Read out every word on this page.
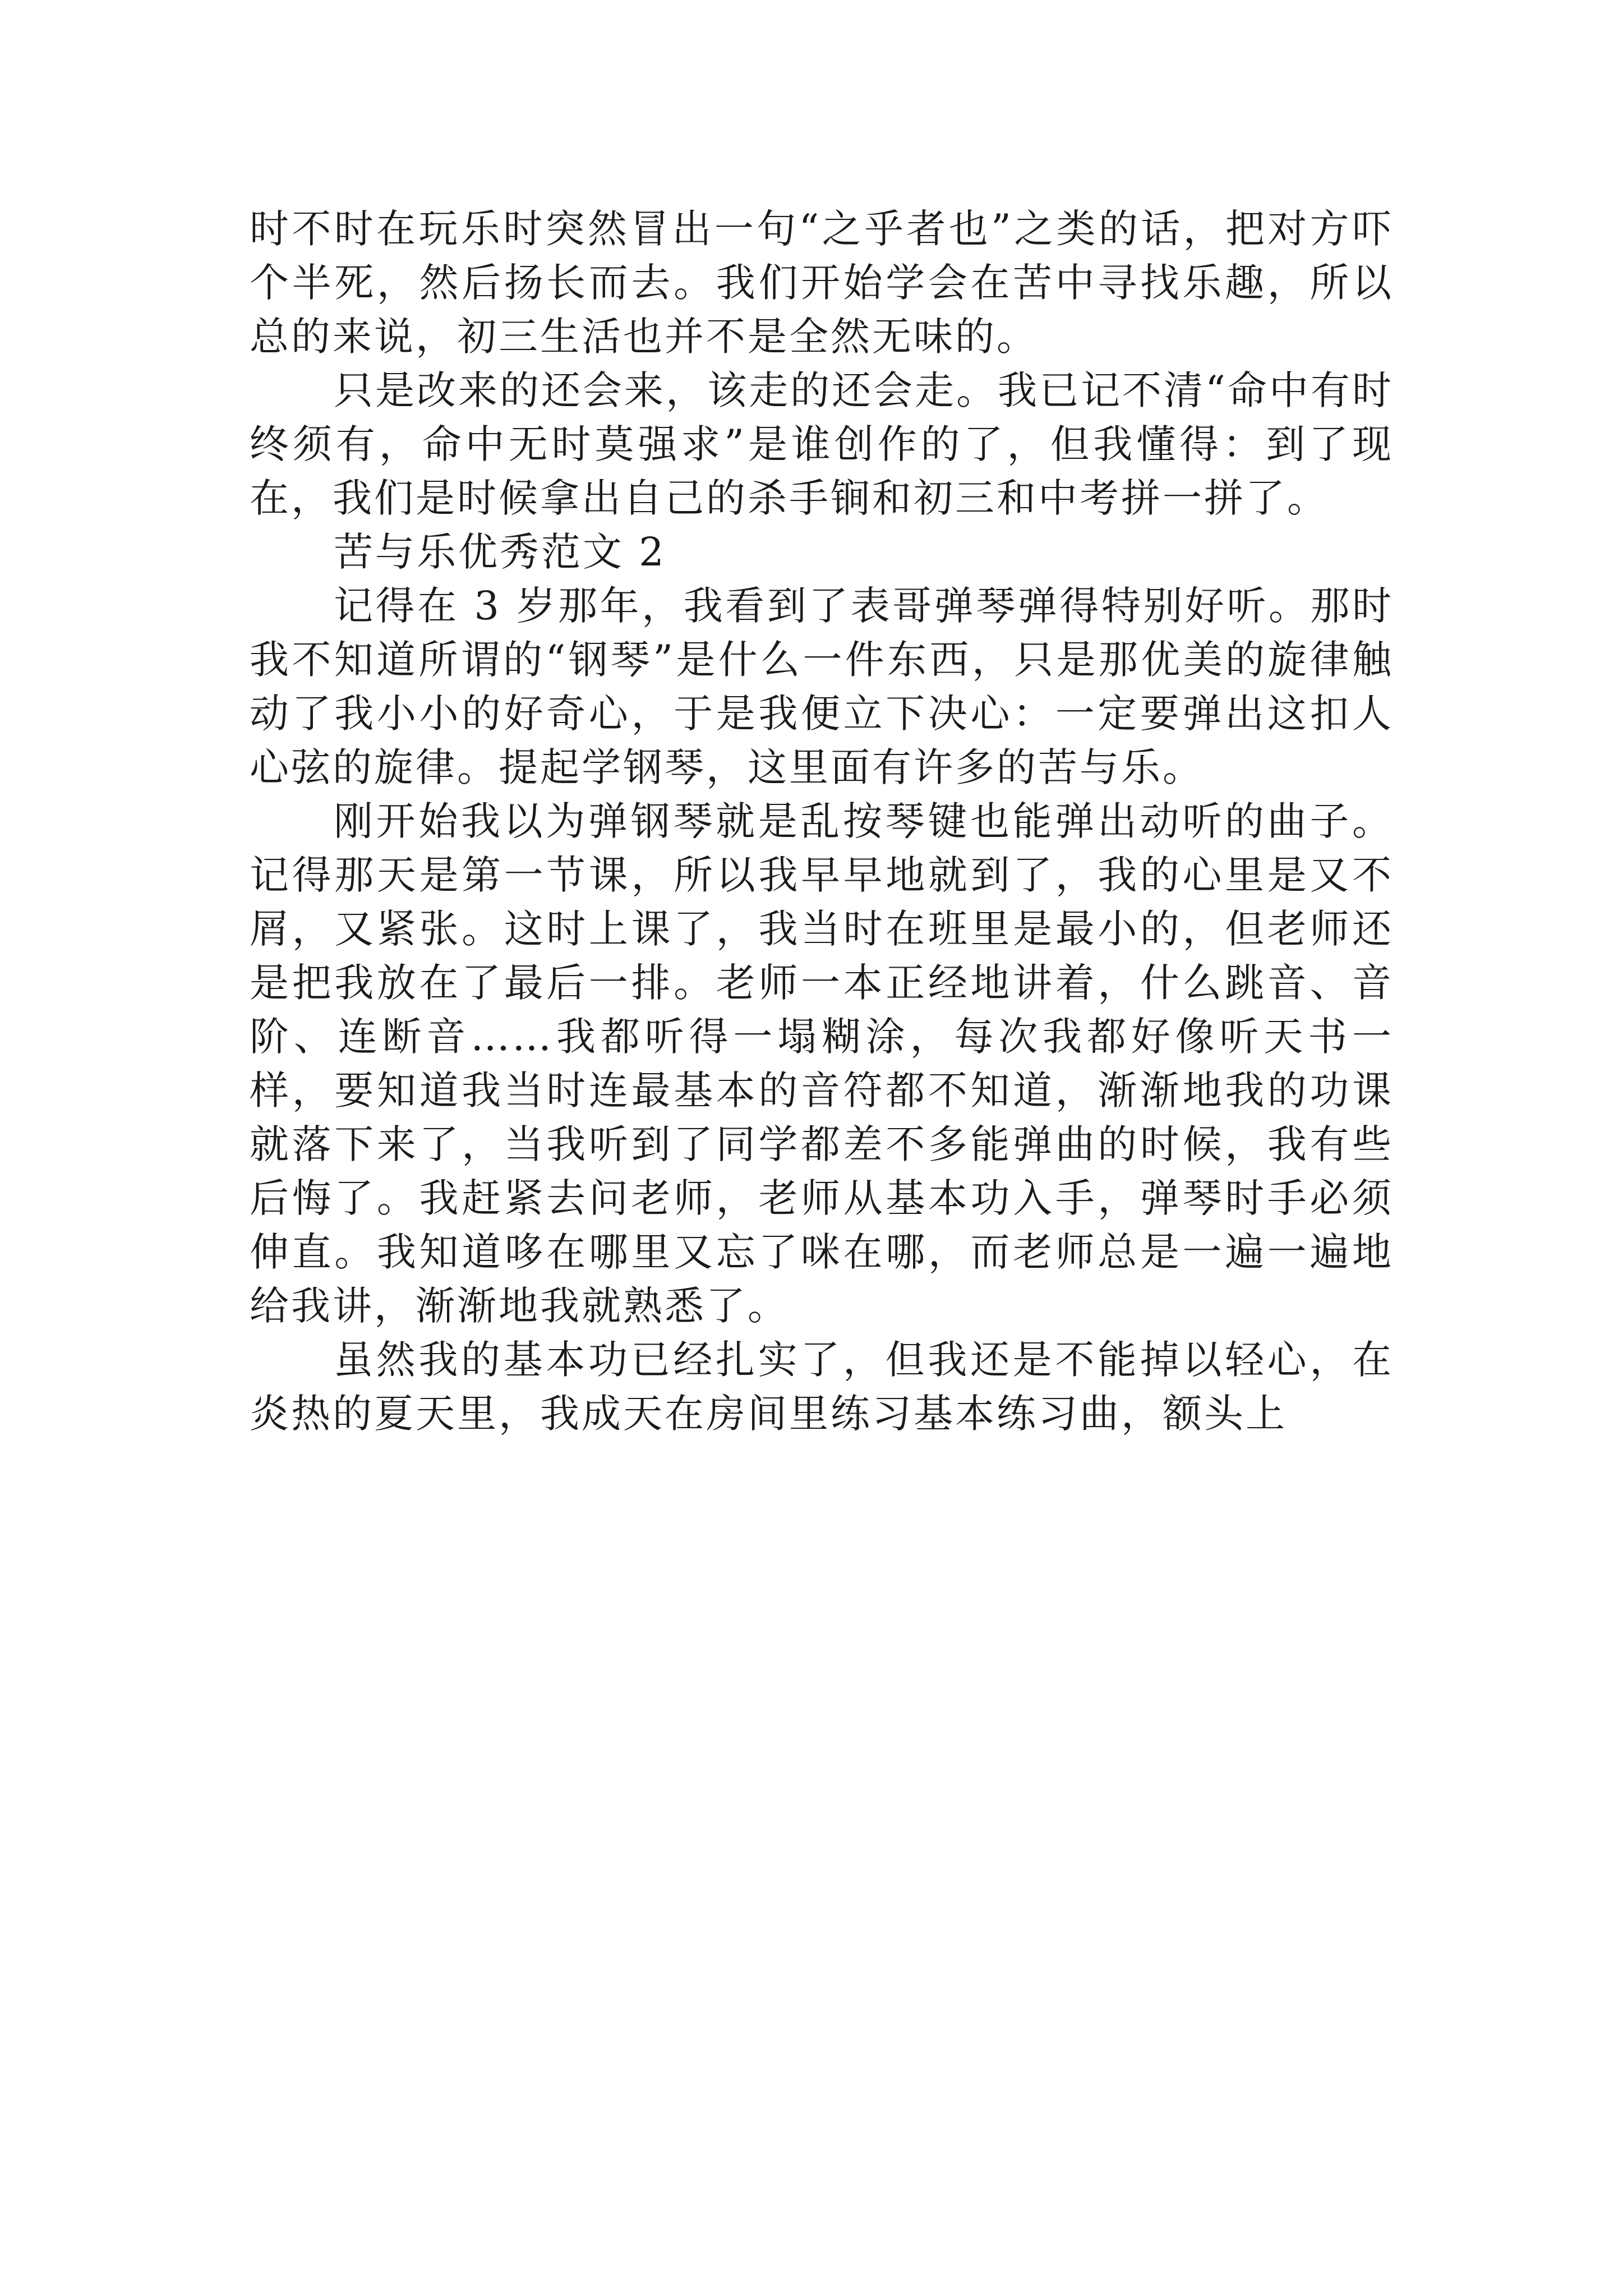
时不时在玩乐时突然冒出一句“之乎者也”之类的话，把对方吓个半死，然后扬长而去。我们开始学会在苦中寻找乐趣，所以总的来说，初三生活也并不是全然无味的。

只是改来的还会来，该走的还会走。我已记不清“命中有时终须有，命中无时莫强求”是谁创作的了，但我懂得：到了现在，我们是时候拿出自己的杀手锏和初三和中考拼一拼了。

苦与乐优秀范文 2

记得在 3 岁那年，我看到了表哥弹琴弹得特别好听。那时我不知道所谓的“钢琴”是什么一件东西，只是那优美的旋律触动了我小小的好奇心，于是我便立下决心：一定要弹出这扣人心弦的旋律。提起学钢琴，这里面有许多的苦与乐。

刚开始我以为弹钢琴就是乱按琴键也能弹出动听的曲子。记得那天是第一节课，所以我早早地就到了，我的心里是又不屑，又紧张。这时上课了，我当时在班里是最小的，但老师还是把我放在了最后一排。老师一本正经地讲着，什么跳音、音阶、连断音……我都听得一塌糊涂，每次我都好像听天书一样，要知道我当时连最基本的音符都不知道，渐渐地我的功课就落下来了，当我听到了同学都差不多能弹曲的时候，我有些后悔了。我赶紧去问老师，老师从基本功入手，弹琴时手必须伸直。我知道哆在哪里又忘了咪在哪，而老师总是一遍一遍地给我讲，渐渐地我就熟悉了。

虽然我的基本功已经扎实了，但我还是不能掉以轻心，在炎热的夏天里，我成天在房间里练习基本练习曲，额头上
